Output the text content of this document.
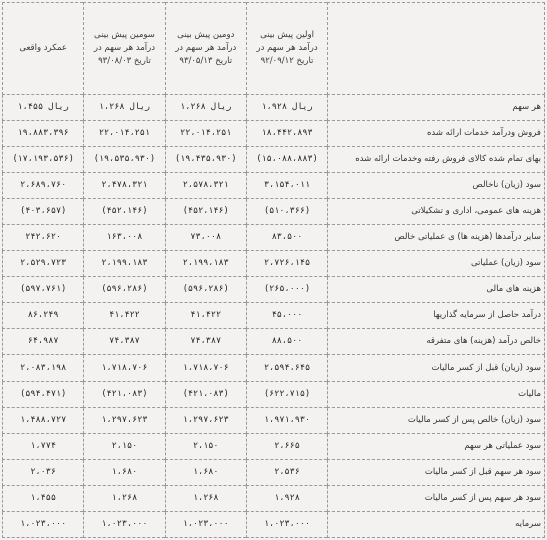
	اولین پیش بینی درآمد هر سهم در تاریخ ۹۲/۰۹/۱۲	دومین پیش بینی درآمد هر سهم در تاریخ ۹۳/۰۵/۱۳	سومین پیش بینی درآمد هر سهم در تاریخ ۹۳/۰۸/۰۳	عمکرد واقعی
هر سهم	۱،۹۲۸ ریال	۱،۲۶۸ ریال	۱،۲۶۸ ریال	۱،۴۵۵ ریال
فروش ودرآمد خدمات ارائه شده	۱۸،۴۴۲،۸۹۳	۲۲،۰۱۴،۲۵۱	۲۲،۰۱۴،۲۵۱	۱۹،۸۸۳،۳۹۶
بهای تمام شده کالای فروش رفته وخدمات ارائه شده	(۱۵،۰۸۸،۸۸۳)	(۱۹،۴۳۵،۹۳۰)	(۱۹،۵۳۵،۹۳۰)	(۱۷،۱۹۳،۵۳۶)
سود (زیان) ناخالص	۳،۱۵۴،۰۱۱	۲،۵۷۸،۳۲۱	۲،۴۷۸،۳۲۱	۲،۶۸۹،۷۶۰
هزینه های عمومی، اداری و تشکیلاتی	(۵۱۰،۳۶۶)	(۴۵۲،۱۴۶)	(۴۵۲،۱۴۶)	(۴۰۳،۶۵۷)
سایر درآمدها (هزینه ها) ی عملیاتی خالص	۸۳،۵۰۰	۷۳،۰۰۸	۱۶۳،۰۰۸	۲۴۲،۶۲۰
سود (زیان) عملیاتی	۲،۷۲۶،۱۴۵	۲،۱۹۹،۱۸۳	۲،۱۹۹،۱۸۳	۲،۵۲۹،۷۲۳
هزینه های مالی	(۲۶۵،۰۰۰)	(۵۹۶،۲۸۶)	(۵۹۶،۲۸۶)	(۵۹۷،۷۶۱)
درآمد حاصل از سرمایه گذاریها	۴۵،۰۰۰	۴۱،۴۲۲	۴۱،۴۲۲	۸۶،۲۴۹
خالص درآمد (هزینه) های متفرقه	۸۸،۵۰۰	۷۴،۳۸۷	۷۴،۳۸۷	۶۴،۹۸۷
سود (زیان) قبل از کسر مالیات	۲،۵۹۴،۶۴۵	۱،۷۱۸،۷۰۶	۱،۷۱۸،۷۰۶	۲،۰۸۳،۱۹۸
مالیات	(۶۲۲،۷۱۵)	(۴۲۱،۰۸۳)	(۴۲۱،۰۸۳)	(۵۹۴،۴۷۱)
سود (زیان) خالص پس از کسر مالیات	۱،۹۷۱،۹۳۰	۱،۲۹۷،۶۲۳	۱،۲۹۷،۶۲۳	۱،۴۸۸،۷۲۷
سود عملیاتی هر سهم	۲،۶۶۵	۲،۱۵۰	۲،۱۵۰	۱،۷۷۴
سود هر سهم قبل از کسر مالیات	۲،۵۳۶	۱،۶۸۰	۱،۶۸۰	۲،۰۳۶
سود هر سهم پس از کسر مالیات	۱،۹۲۸	۱،۲۶۸	۱،۲۶۸	۱،۴۵۵
سرمایه	۱،۰۲۳،۰۰۰	۱،۰۲۳،۰۰۰	۱،۰۲۳،۰۰۰	۱،۰۲۳،۰۰۰
